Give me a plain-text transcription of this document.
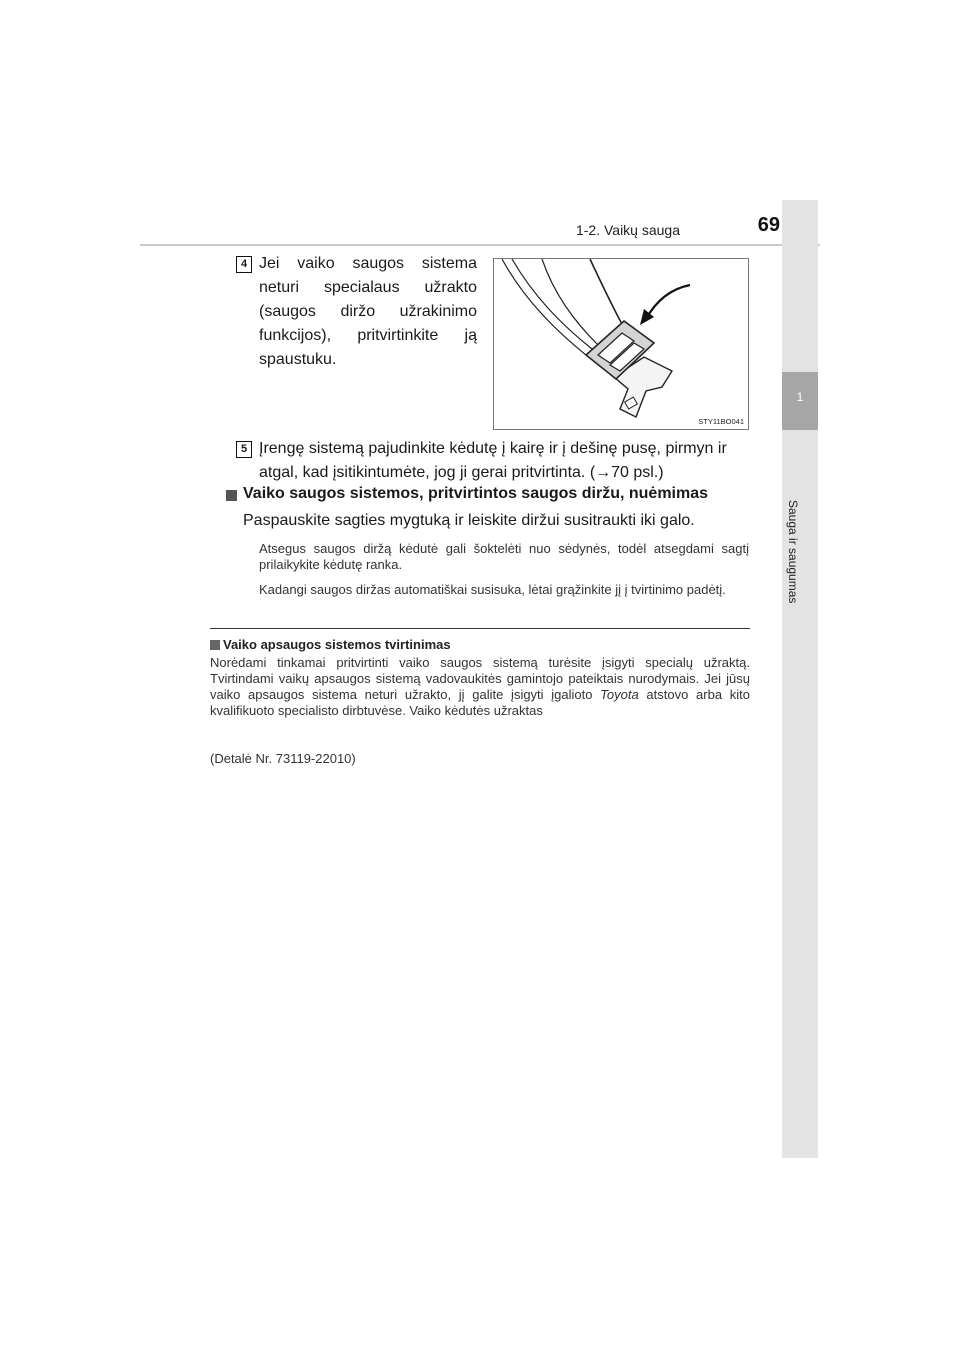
1-2. Vaikų sauga	69
1
Sauga ir saugumas
4 Jei vaiko saugos sistema neturi specialaus užrakto (saugos diržo užrakinimo funkcijos), pritvirtinkite ją spaustuku.
STY11BO041
5 Įrengę sistemą pajudinkite kėdutę į kairę ir į dešinę pusę, pirmyn ir atgal, kad įsitikintumėte, jog ji gerai pritvirtinta. (→70 psl.)
Vaiko saugos sistemos, pritvirtintos saugos diržu, nuėmimas
Paspauskite sagties mygtuką ir leiskite diržui susitraukti iki galo.
Atsegus saugos diržą kėdutė gali šoktelėti nuo sėdynės, todėl atsegdami sagtį prilaikykite kėdutę ranka.
Kadangi saugos diržas automatiškai susisuka, lėtai grąžinkite jį į tvirtinimo padėtį.
Vaiko apsaugos sistemos tvirtinimas
Norėdami tinkamai pritvirtinti vaiko saugos sistemą turėsite įsigyti specialų užraktą. Tvirtindami vaikų apsaugos sistemą vadovaukitės gamintojo pateiktais nurodymais. Jei jūsų vaiko apsaugos sistema neturi užrakto, jį galite įsigyti įgalioto Toyota atstovo arba kito kvalifikuoto specialisto dirbtuvėse. Vaiko kėdutės užraktas
(Detalė Nr. 73119-22010)
